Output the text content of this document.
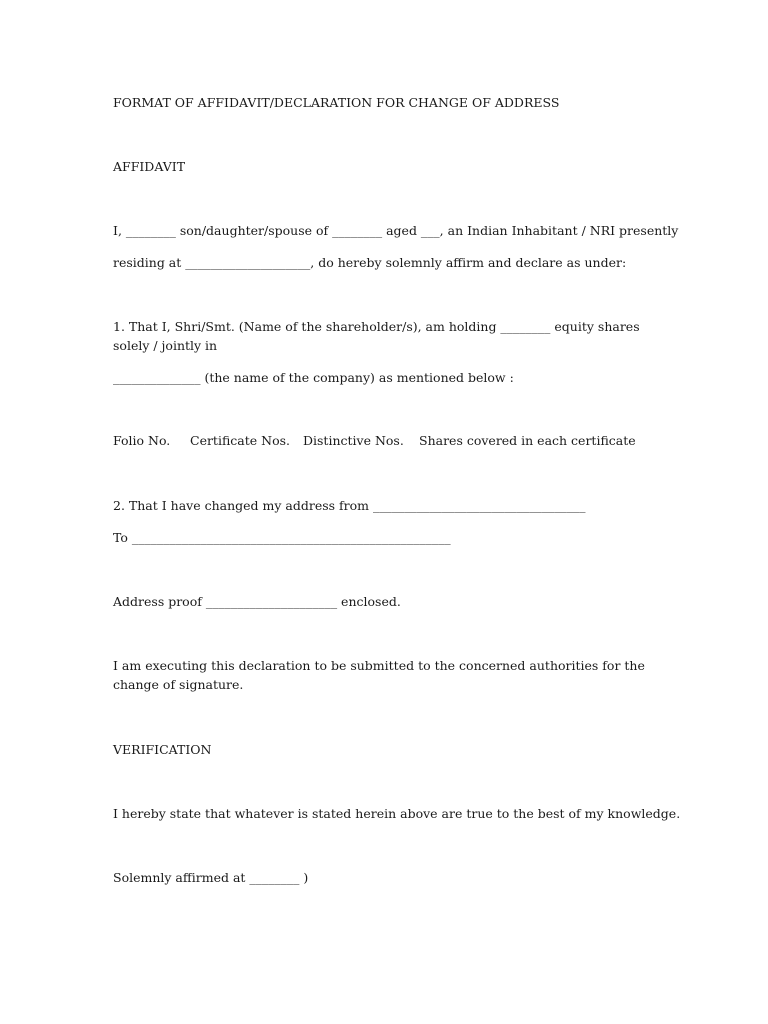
FORMAT OF AFFIDAVIT/DECLARATION FOR CHANGE OF ADDRESS
AFFIDAVIT
I, ________ son/daughter/spouse of ________ aged ___, an Indian Inhabitant / NRI presently
residing at ____________________, do hereby solemnly affirm and declare as under:
1. That I, Shri/Smt. (Name of the shareholder/s), am holding ________ equity shares solely / jointly in
______________ (the name of the company) as mentioned below :
Folio No. Certificate Nos. Distinctive Nos. Shares covered in each certificate
2. That I have changed my address from __________________________________
To ___________________________________________________
Address proof _____________________ enclosed.
I am executing this declaration to be submitted to the concerned authorities for the change of signature.
VERIFICATION
I hereby state that whatever is stated herein above are true to the best of my knowledge.
Solemnly affirmed at ________ )
